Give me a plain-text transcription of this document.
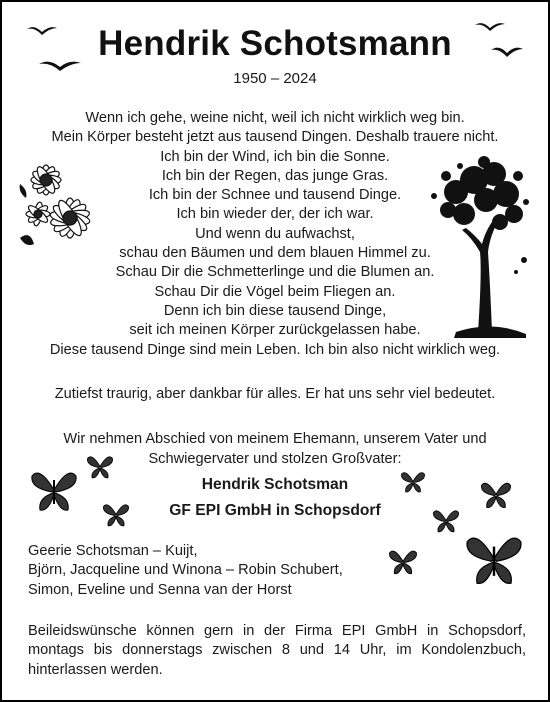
Hendrik Schotsmann
1950 – 2024
Wenn ich gehe, weine nicht, weil ich nicht wirklich weg bin.
Mein Körper besteht jetzt aus tausend Dingen. Deshalb trauere nicht.
Ich bin der Wind, ich bin die Sonne.
Ich bin der Regen, das junge Gras.
Ich bin der Schnee und tausend Dinge.
Ich bin wieder der, der ich war.
Und wenn du aufwachst,
schau den Bäumen und dem blauen Himmel zu.
Schau Dir die Schmetterlinge und die Blumen an.
Schau Dir die Vögel beim Fliegen an.
Denn ich bin diese tausend Dinge,
seit ich meinen Körper zurückgelassen habe.
Diese tausend Dinge sind mein Leben. Ich bin also nicht wirklich weg.
Zutiefst traurig, aber dankbar für alles. Er hat uns sehr viel bedeutet.
Wir nehmen Abschied von meinem Ehemann, unserem Vater und
Schwiegervater und stolzen Großvater:
Hendrik Schotsman
GF EPI GmbH in Schopsdorf
Geerie Schotsman – Kuijt,
Björn, Jacqueline und Winona – Robin Schubert,
Simon, Eveline und Senna van der Horst
Beileidswünsche können gern in der Firma EPI GmbH in Schopsdorf, montags bis donnerstags zwischen 8 und 14 Uhr, im Kondolenzbuch, hinterlassen werden.
